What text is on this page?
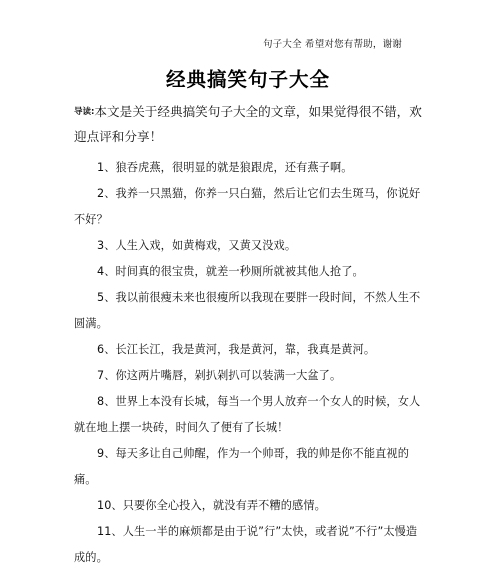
句子大全 希望对您有帮助，谢谢
经典搞笑句子大全

导读:本文是关于经典搞笑句子大全的文章，如果觉得很不错，欢迎点评和分享！

1、狼吞虎燕，很明显的就是狼跟虎，还有燕子啊。

2、我养一只黑猫，你养一只白猫，然后让它们去生斑马，你说好不好？

3、人生入戏，如黄梅戏，又黄又没戏。

4、时间真的很宝贵，就差一秒厕所就被其他人抢了。

5、我以前很瘦未来也很瘦所以我现在要胖一段时间，不然人生不圆满。

6、长江长江，我是黄河，我是黄河，靠，我真是黄河。

7、你这两片嘴唇，剁扒剁扒可以装满一大盆了。

8、世界上本没有长城，每当一个男人放弃一个女人的时候，女人就在地上摆一块砖，时间久了便有了长城！

9、每天多让自己帅醒，作为一个帅哥，我的帅是你不能直视的痛。

10、只要你全心投入，就没有弄不糟的感情。

11、人生一半的麻烦都是由于说”行”太快，或者说”不行”太慢造成的。
